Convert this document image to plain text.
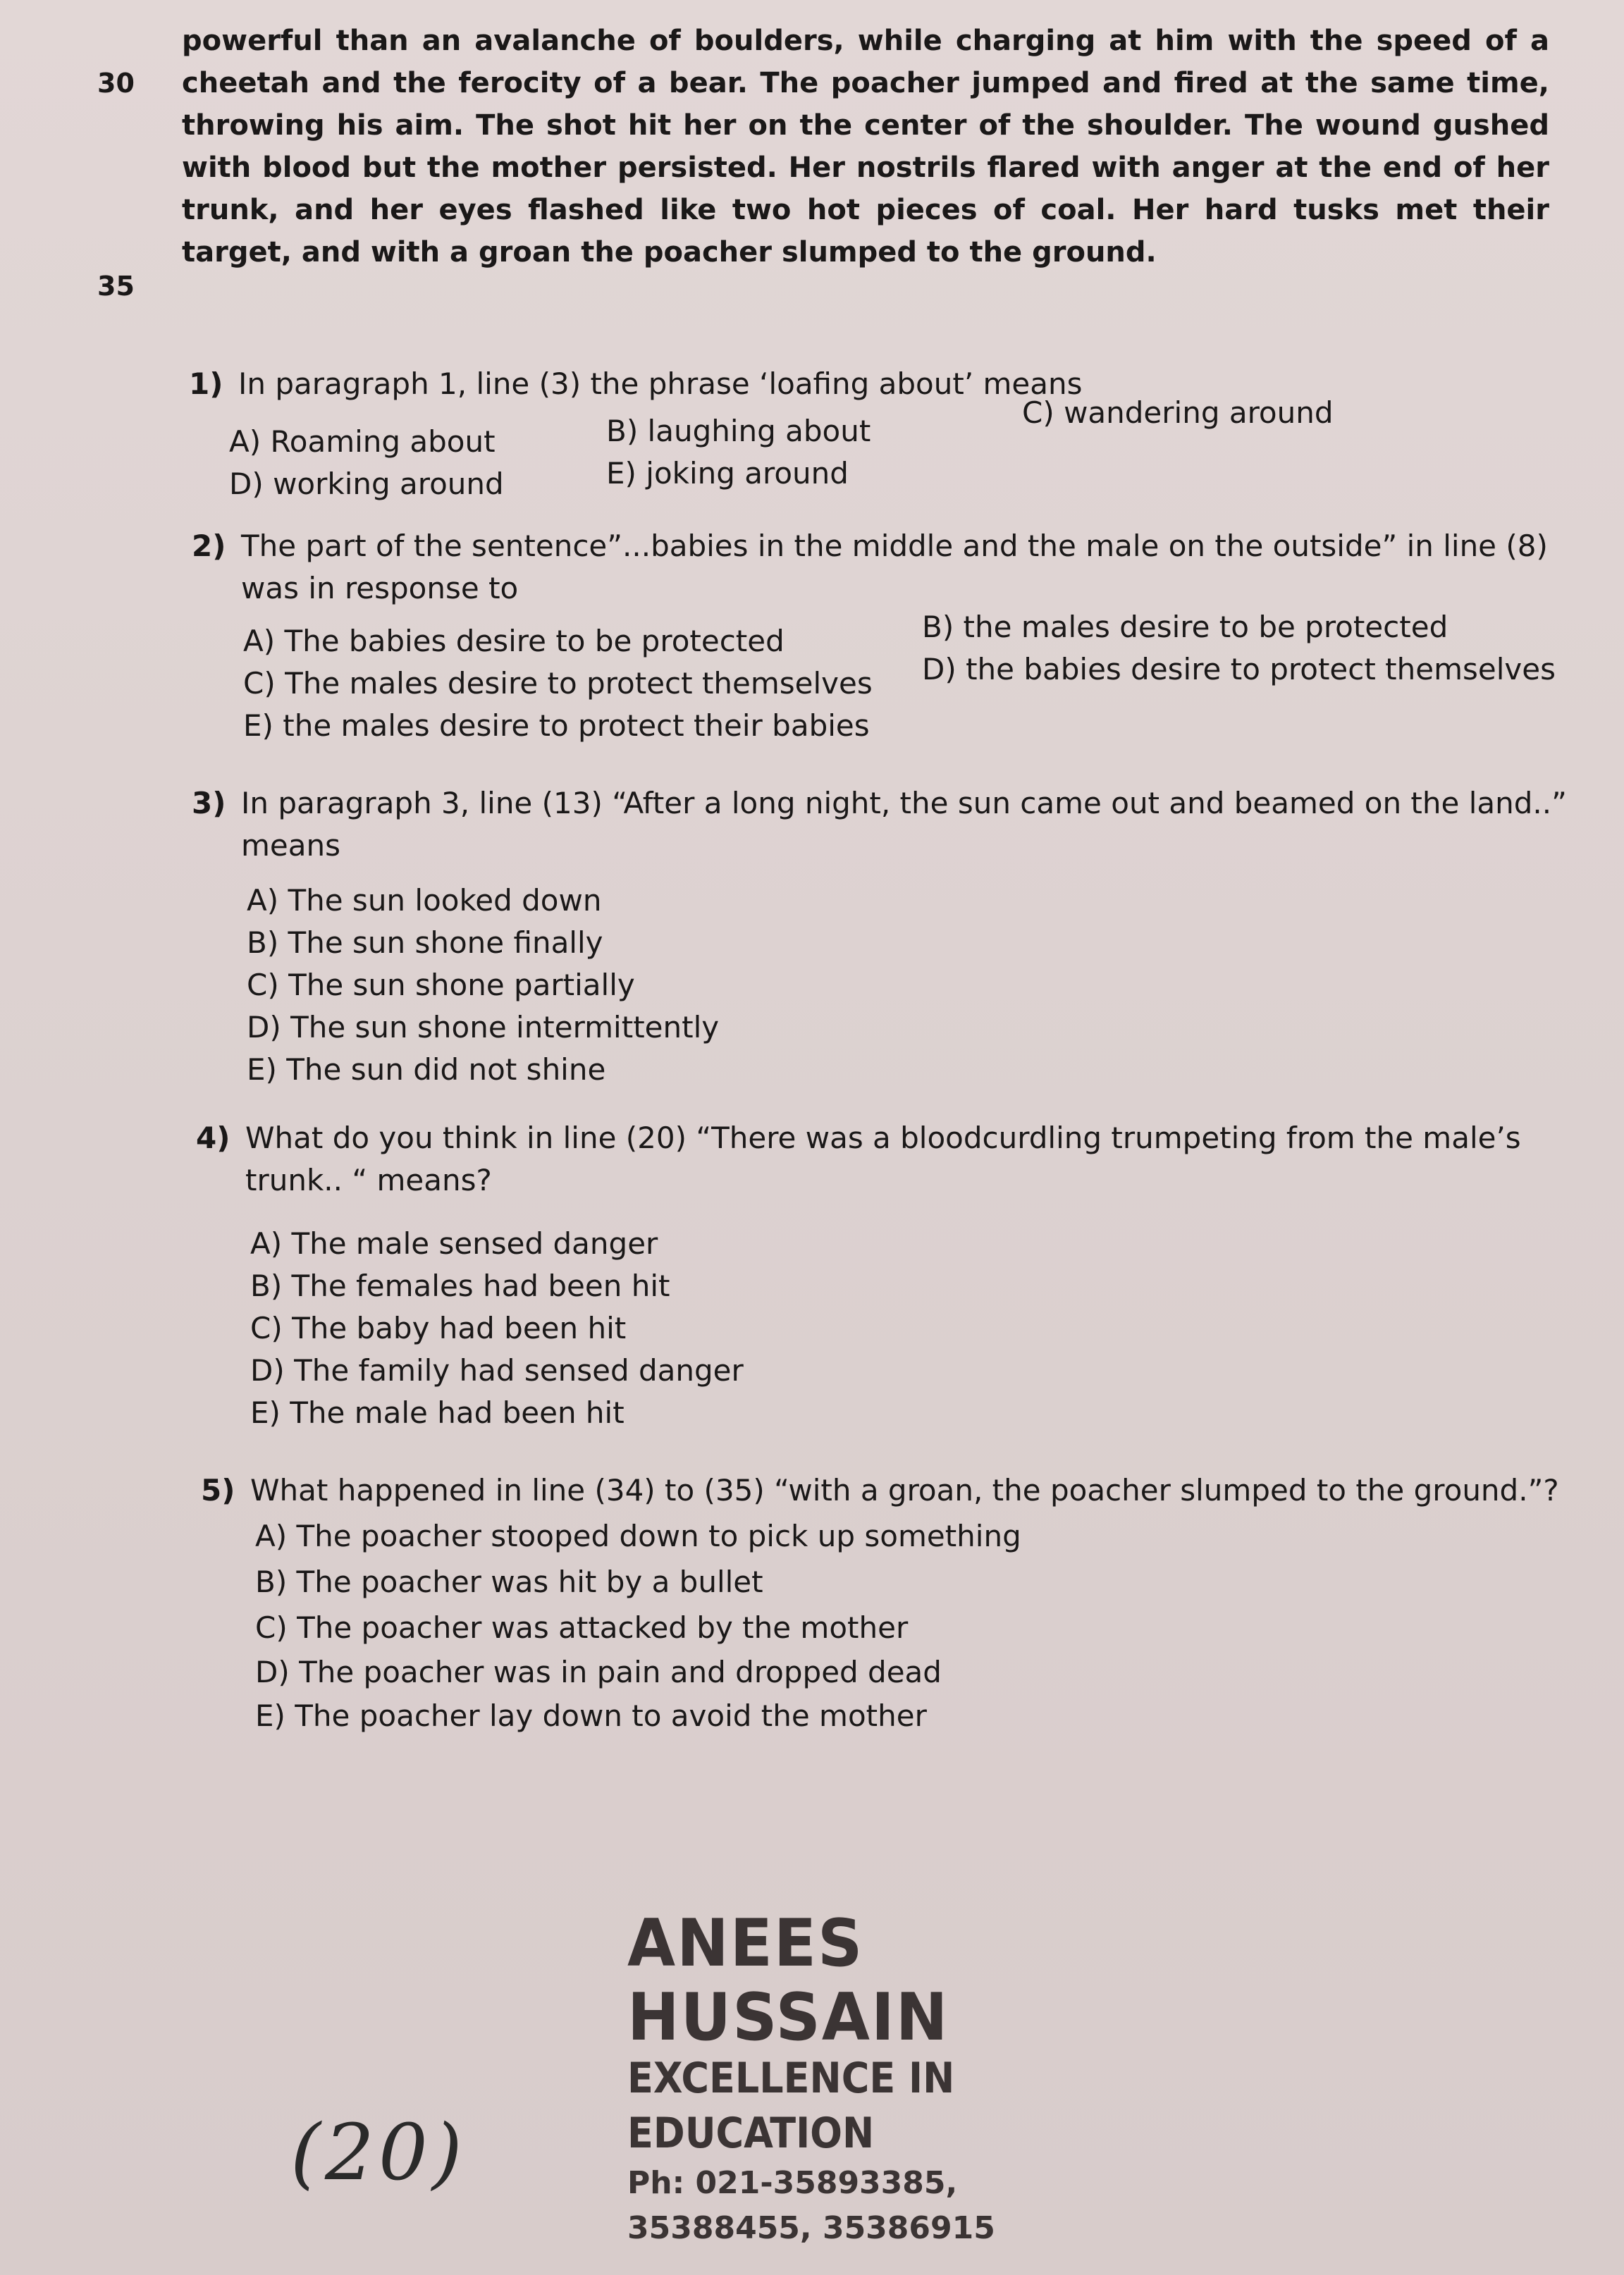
30
35
powerful than an avalanche of boulders, while charging at him with the speed of a cheetah and the ferocity of a bear. The poacher jumped and fired at the same time, throwing his aim. The shot hit her on the center of the shoulder. The wound gushed with blood but the mother persisted. Her nostrils flared with anger at the end of her trunk, and her eyes flashed like two hot pieces of coal. Her hard tusks met their target, and with a groan the poacher slumped to the ground.
1) In paragraph 1, line (3) the phrase ‘loafing about’ means
A) Roaming about	B) laughing about
C) wandering around
D) working around	E) joking around
2) The part of the sentence”...babies in the middle and the male on the outside” in line (8) was in response to
A) The babies desire to be protected	B) the males desire to be protected
C) The males desire to protect themselves D) the babies desire to protect themselves
E) the males desire to protect their babies
3) In paragraph 3, line (13) “After a long night, the sun came out and beamed on the land..” means
A) The sun looked down
B) The sun shone finally
C) The sun shone partially
D) The sun shone intermittently
E) The sun did not shine
4) What do you think in line (20) “There was a bloodcurdling trumpeting from the male’s trunk.. “ means?
A) The male sensed danger
B) The females had been hit
C) The baby had been hit
D) The family had sensed danger
E) The male had been hit
5) What happened in line (34) to (35) “with a groan, the poacher slumped to the ground.”?
A) The poacher stooped down to pick up something
B) The poacher was hit by a bullet
C) The poacher was attacked by the mother
D) The poacher was in pain and dropped dead
E) The poacher lay down to avoid the mother
ANEES HUSSAIN
EXCELLENCE IN EDUCATION
Ph: 021-35893385, 35388455, 35386915
(20)
